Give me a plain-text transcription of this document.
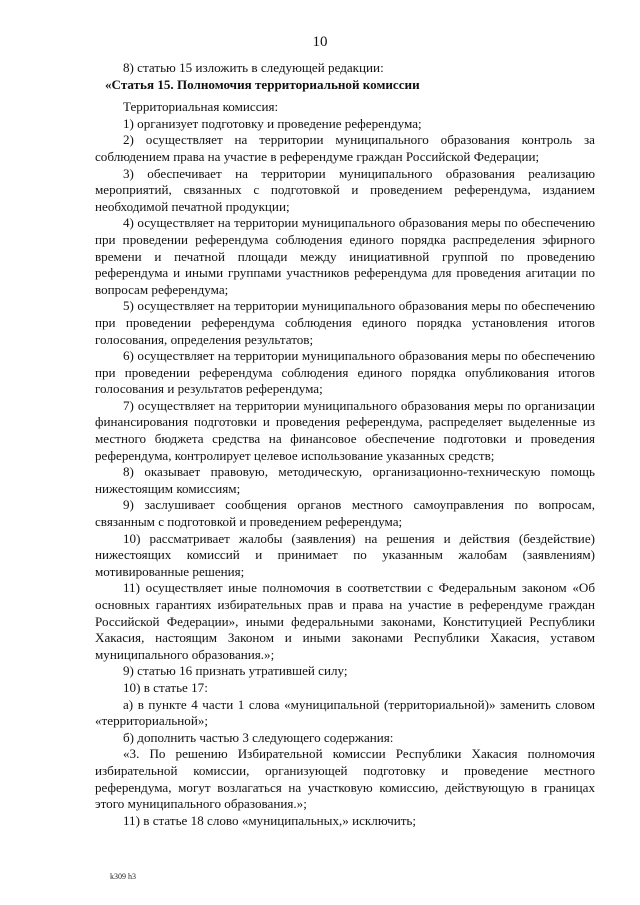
10

8) статью 15 изложить в следующей редакции:

«Статья 15. Полномочия территориальной комиссии

Территориальная комиссия:

1) организует подготовку и проведение референдума;

2) осуществляет на территории муниципального образования контроль за соблюдением права на участие в референдуме граждан Российской Федерации;

3) обеспечивает на территории муниципального образования реализацию мероприятий, связанных с подготовкой и проведением референдума, изданием необходимой печатной продукции;

4) осуществляет на территории муниципального образования меры по обеспечению при проведении референдума соблюдения единого порядка распределения эфирного времени и печатной площади между инициативной группой по проведению референдума и иными группами участников референдума для проведения агитации по вопросам референдума;

5) осуществляет на территории муниципального образования меры по обеспечению при проведении референдума соблюдения единого порядка установления итогов голосования, определения результатов;

6) осуществляет на территории муниципального образования меры по обеспечению при проведении референдума соблюдения единого порядка опубликования итогов голосования и результатов референдума;

7) осуществляет на территории муниципального образования меры по организации финансирования подготовки и проведения референдума, распределяет выделенные из местного бюджета средства на финансовое обеспечение подготовки и проведения референдума, контролирует целевое использование указанных средств;

8) оказывает правовую, методическую, организационно-техническую помощь нижестоящим комиссиям;

9) заслушивает сообщения органов местного самоуправления по вопросам, связанным с подготовкой и проведением референдума;

10) рассматривает жалобы (заявления) на решения и действия (бездействие) нижестоящих комиссий и принимает по указанным жалобам (заявлениям) мотивированные решения;

11) осуществляет иные полномочия в соответствии с Федеральным законом «Об основных гарантиях избирательных прав и права на участие в референдуме граждан Российской Федерации», иными федеральными законами, Конституцией Республики Хакасия, настоящим Законом и иными законами Республики Хакасия, уставом муниципального образования.»;

9) статью 16 признать утратившей силу;

10) в статье 17:

а) в пункте 4 части 1 слова «муниципальной (территориальной)» заменить словом «территориальной»;

б) дополнить частью 3 следующего содержания:

«3. По решению Избирательной комиссии Республики Хакасия полномочия избирательной комиссии, организующей подготовку и проведение местного референдума, могут возлагаться на участковую комиссию, действующую в границах этого муниципального образования.»;

11) в статье 18 слово «муниципальных,» исключить;

k309 h3
